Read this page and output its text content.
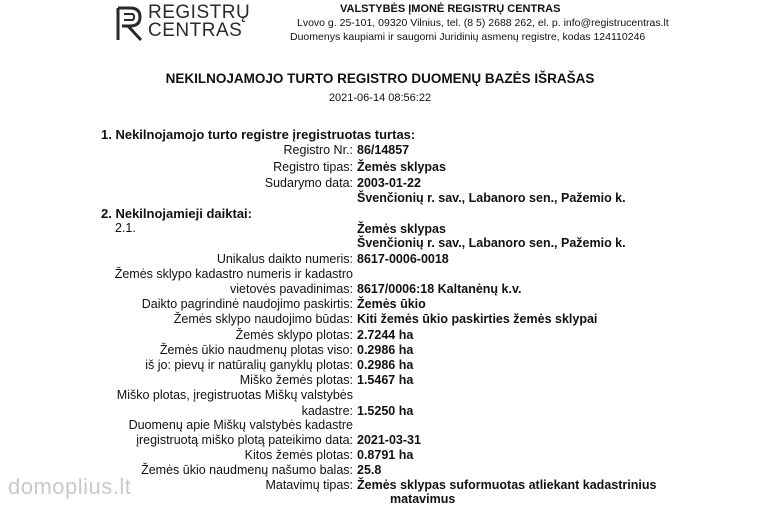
REGISTRŲ
CENTRAS
VALSTYBĖS ĮMONĖ REGISTRŲ CENTRAS
Lvovo g. 25-101, 09320 Vilnius, tel. (8 5) 2688 262, el. p. info@registrucentras.lt
Duomenys kaupiami ir saugomi Juridinių asmenų registre, kodas 124110246
NEKILNOJAMOJO TURTO REGISTRO DUOMENŲ BAZĖS IŠRAŠAS
2021-06-14 08:56:22
1. Nekilnojamojo turto registre įregistruotas turtas:
Registro Nr.: 86/14857
Registro tipas: Žemės sklypas
Sudarymo data: 2003-01-22
Švenčionių r. sav., Labanoro sen., Pažemio k.
2. Nekilnojamieji daiktai:
2.1.	Žemės sklypas
Švenčionių r. sav., Labanoro sen., Pažemio k.
Unikalus daikto numeris: 8617-0006-0018
Žemės sklypo kadastro numeris ir kadastro
vietovės pavadinimas: 8617/0006:18 Kaltanėnų k.v.
Daikto pagrindinė naudojimo paskirtis: Žemės ūkio
Žemės sklypo naudojimo būdas: Kiti žemės ūkio paskirties žemės sklypai
Žemės sklypo plotas: 2.7244 ha
Žemės ūkio naudmenų plotas viso: 0.2986 ha
iš jo: pievų ir natūralių ganyklų plotas: 0.2986 ha
Miško žemės plotas: 1.5467 ha
Miško plotas, įregistruotas Miškų valstybės
kadastre: 1.5250 ha
Duomenų apie Miškų valstybės kadastre
įregistruotą miško plotą pateikimo data: 2021-03-31
Kitos žemės plotas: 0.8791 ha
Žemės ūkio naudmenų našumo balas: 25.8
Matavimų tipas: Žemės sklypas suformuotas atliekant kadastrinius
matavimus
domoplius.lt
